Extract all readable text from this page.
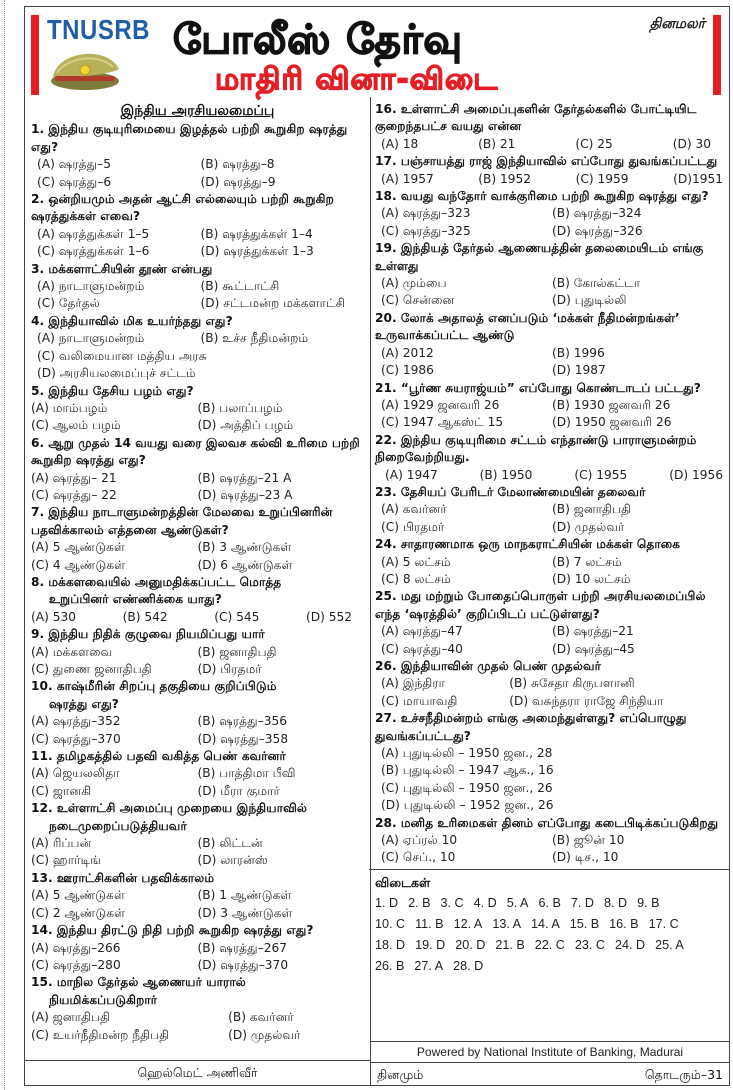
TNUSRB போலீஸ் தேர்வு
மாதிரி வினா-விடை
தினமலர்
இந்திய அரசியலமைப்பு
1. இந்திய குடியுரிமையை இழத்தல் பற்றி கூறுகிற ஷரத்து எது?
(A) ஷரத்து–5	(B) ஷரத்து–8
(C) ஷரத்து–6	(D) ஷரத்து–9
2. ஒன்றியமும் அதன் ஆட்சி எல்லையும் பற்றி கூறுகிற ஷரத்துக்கள் எவை?
(A) ஷரத்துக்கள் 1–5	(B) ஷரத்துக்கள் 1–4
(C) ஷரத்துக்கள் 1–6	(D) ஷரத்துக்கள் 1–3
3. மக்களாட்சியின் தூண் என்பது
(A) நாடாளுமன்றம்	(B) கூட்டாட்சி
(C) தேர்தல்	(D) சட்டமன்ற மக்களாட்சி
4. இந்தியாவில் மிக உயர்ந்தது எது?
(A) நாடாளுமன்றம்	(B) உச்ச நீதிமன்றம்
(C) வலிமையான மத்திய அரசு
(D) அரசியலமைப்புச் சட்டம்
5. இந்திய தேசிய பழம் எது?
(A) மாம்பழம்	(B) பலாப்பழம்
(C) ஆலம் பழம்	(D) அத்திப் பழம்
6. ஆறு முதல் 14 வயது வரை இலவச கல்வி உரிமை பற்றி கூறுகிற ஷரத்து எது?
(A) ஷரத்து– 21	(B) ஷரத்து–21 A
(C) ஷரத்து– 22	(D) ஷரத்து–23 A
7. இந்திய நாடாளுமன்றத்தின் மேலவை உறுப்பினரின் பதவிக்காலம் எத்தனை ஆண்டுகள்?
(A) 5 ஆண்டுகள்	(B) 3 ஆண்டுகள்
(C) 4 ஆண்டுகள்	(D) 6 ஆண்டுகள்
8. மக்களவையில் அனுமதிக்கப்பட்ட மொத்த
உறுப்பினர் எண்ணிக்கை யாது?
(A) 530	(B) 542	(C) 545	(D) 552
9. இந்திய நிதிக் குழுவை நியமிப்பது யார்
(A) மக்களவை	(B) ஜனாதிபதி
(C) துணை ஜனாதிபதி	(D) பிரதமர்
10. காஷ்மீரின் சிறப்பு தகுதியை குறிப்பிடும்
ஷரத்து எது?
(A) ஷரத்து–352	(B) ஷரத்து–356
(C) ஷரத்து–370	(D) ஷரத்து–358
11. தமிழகத்தில் பதவி வகித்த பெண் கவர்னர்
(A) ஜெயலலிதா	(B) பாத்திமா பீவி
(C) ஜானகி	(D) மீரா குமார்
12. உள்ளாட்சி அமைப்பு முறையை இந்தியாவில்
நடைமுறைப்படுத்தியவர்
(A) ரிப்பன்	(B) லிட்டன்
(C) ஹார்டிங்	(D) லாரன்ஸ்
13. ஊராட்சிகளின் பதவிக்காலம்
(A) 5 ஆண்டுகள்	(B) 1 ஆண்டுகள்
(C) 2 ஆண்டுகள்	(D) 3 ஆண்டுகள்
14. இந்திய திரட்டு நிதி பற்றி கூறுகிற ஷரத்து எது?
(A) ஷரத்து–266	(B) ஷரத்து–267
(C) ஷரத்து–280	(D) ஷரத்து–370
15. மாநில தேர்தல் ஆணையர் யாரால்
நியமிக்கப்படுகிறார்
(A) ஜனாதிபதி	(B) கவர்னர்
(C) உயர்நீதிமன்ற நீதிபதி	(D) முதல்வர்
ஹெல்மெட் அணிவீர்
16. உள்ளாட்சி அமைப்புகளின் தேர்தல்களில் போட்டியிட குறைந்தபட்ச வயது என்ன
(A) 18	(B) 21	(C) 25	(D) 30
17. பஞ்சாயத்து ராஜ் இந்தியாவில் எப்போது துவங்கப்பட்டது
(A) 1957	(B) 1952	(C) 1959	(D)1951
18. வயது வந்தோர் வாக்குரிமை பற்றி கூறுகிற ஷரத்து எது?
(A) ஷரத்து–323	(B) ஷரத்து–324
(C) ஷரத்து–325	(D) ஷரத்து–326
19. இந்தியத் தேர்தல் ஆணையத்தின் தலைமையிடம் எங்கு உள்ளது
(A) மும்பை	(B) கோல்கட்டா
(C) சென்னை	(D) புதுடில்லி
20. லோக் அதாலத் எனப்படும் ‘மக்கள் நீதிமன்றங்கள்’ உருவாக்கப்பட்ட ஆண்டு
(A) 2012	(B) 1996
(C) 1986	(D) 1987
21. “பூர்ண சுயராஜ்யம்” எப்போது கொண்டாடப் பட்டது?
(A) 1929 ஜனவரி 26	(B) 1930 ஜனவரி 26
(C) 1947 ஆகஸ்ட் 15	(D) 1950 ஜனவரி 26
22. இந்திய குடியுரிமை சட்டம் எந்தாண்டு பாராளுமன்றம் நிறைவேற்றியது.
(A) 1947	(B) 1950	(C) 1955	(D) 1956
23. தேசியப் பேரிடர் மேலாண்மையின் தலைவர்
(A) கவர்னர்	(B) ஜனாதிபதி
(C) பிரதமர்	(D) முதல்வர்
24. சாதாரணமாக ஒரு மாநகராட்சியின் மக்கள் தொகை
(A) 5 லட்சம்	(B) 7 லட்சம்
(C) 8 லட்சம்	(D) 10 லட்சம்
25. மது மற்றும் போதைப்பொருள் பற்றி அரசியலமைப்பில் எந்த ‘ஷரத்தில்’ குறிப்பிடப் பட்டுள்ளது?
(A) ஷரத்து–47	(B) ஷரத்து–21
(C) ஷரத்து–40	(D) ஷரத்து–45
26. இந்தியாவின் முதல் பெண் முதல்வர்
(A) இந்திரா	(B) சுசேதா கிருபளானி
(C) மாயாவதி	(D) வசுந்தரா ராஜே சிந்தியா
27. உச்சநீதிமன்றம் எங்கு அமைந்துள்ளது? எப்பொழுது துவங்கப்பட்டது?
(A) புதுடில்லி – 1950 ஜன., 28
(B) புதுடில்லி – 1947 ஆக., 16
(C) புதுடில்லி – 1950 ஜன., 26
(D) புதுடில்லி – 1952 ஜன., 26
28. மனித உரிமைகள் தினம் எப்போது கடைபிடிக்கப்படுகிறது
(A) ஏப்ரல் 10	(B) ஜூன் 10
(C) செப்., 10	(D) டிச., 10
விடைகள்
1. D 2. B 3. C 4. D 5. A 6. B 7. D 8. D 9. B
10. C 11. B 12. A 13. A 14. A 15. B 16. B 17. C
18. D 19. D 20. D 21. B 22. C 23. C 24. D 25. A
26. B 27. A 28. D
Powered by National Institute of Banking, Madurai
தினமும்	தொடரும்–31
